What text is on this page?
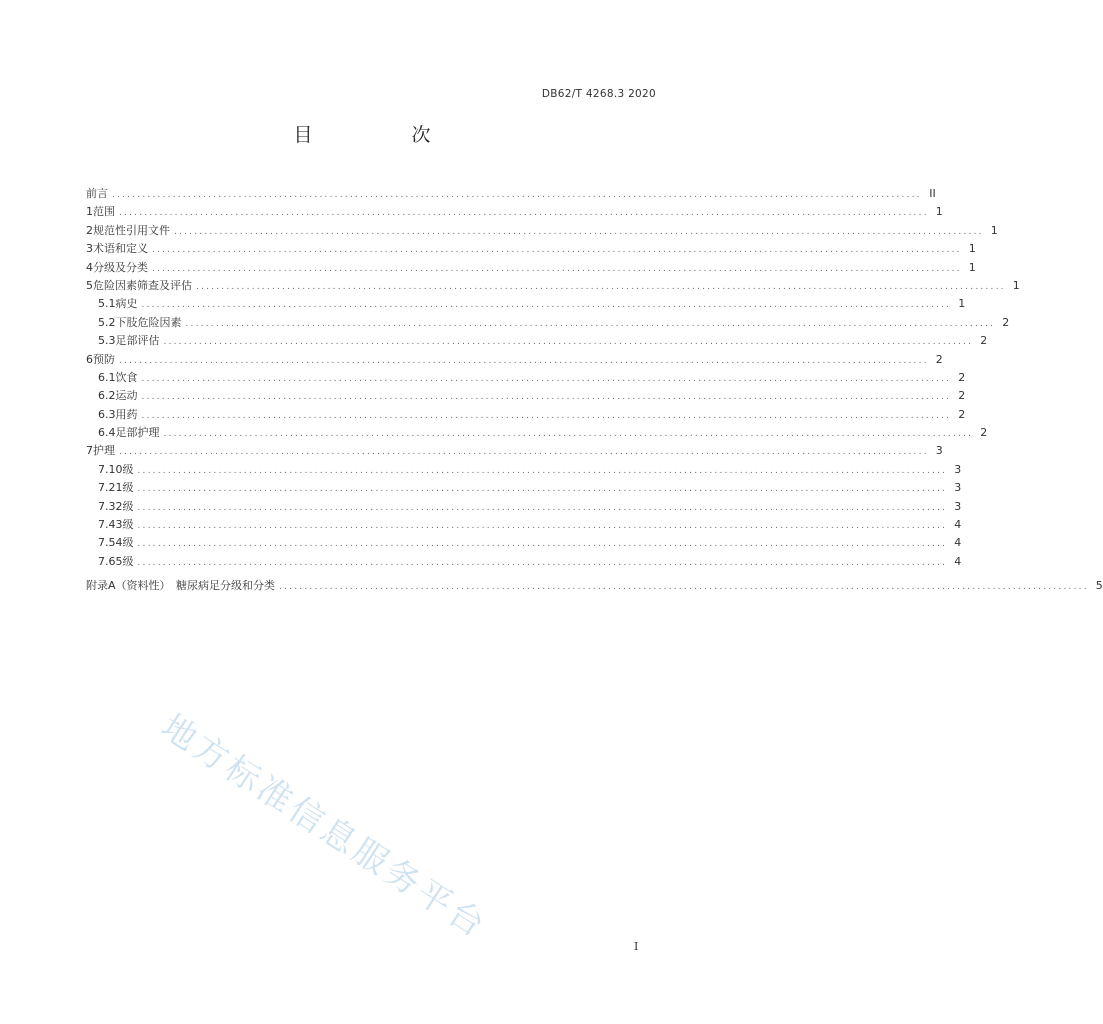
DB62/T 4268.3 2020
目　次
前言 ................................................................................................................................................................ II
1 范围 ................................................................................................................................................................ 1
2 规范性引用文件 ................................................................................................................................................................ 1
3 术语和定义 ................................................................................................................................................................ 1
4 分级及分类 ................................................................................................................................................................ 1
5 危险因素筛查及评估 ................................................................................................................................................................ 1
5.1 病史 ................................................................................................................................................................ 1
5.2 下肢危险因素 ................................................................................................................................................................ 2
5.3 足部评估 ................................................................................................................................................................ 2
6 预防 ................................................................................................................................................................ 2
6.1 饮食 ................................................................................................................................................................ 2
6.2 运动 ................................................................................................................................................................ 2
6.3 用药 ................................................................................................................................................................ 2
6.4 足部护理 ................................................................................................................................................................ 2
7 护理 ................................................................................................................................................................ 3
7.1 0级 ................................................................................................................................................................ 3
7.2 1级 ................................................................................................................................................................ 3
7.3 2级 ................................................................................................................................................................ 3
7.4 3级 ................................................................................................................................................................ 4
7.5 4级 ................................................................................................................................................................ 4
7.6 5级 ................................................................................................................................................................ 4
附录A（资料性）　糖尿病足分级和分类 ................................................................................................................................................................ 5
地方标准信息服务平台	I
